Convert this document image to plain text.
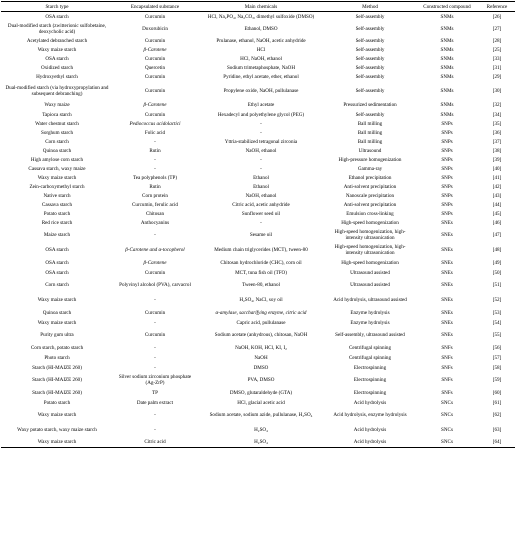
Starch type	Encapsulated substance	Main chemicals	Method	Constructed compound	Reference
OSA starch	Curcumin	HCl, Na₂PO₄, Na₂CO₃, dimethyl sulfoxide (DMSO)	Self-assembly	SNMs	[26]
Dual-modified starch (zwitterionic sulfobetaine, deoxycholic acid)	Doxorubicin	Ethanol, DMSO	Self-assembly	SNMs	[27]
Acetylated debranched starch	Curcumin	Prulanase, ethanol, NaOH, acetic anhydride	Self-assembly	SNMs	[28]
Waxy maize starch	β-Carotene	HCl	Self-assembly	SNMs	[25]
OSA starch	Curcumin	HCl, NaOH, ethanol	Self-assembly	SNMs	[33]
Oxidized starch	Quercetin	Sodium trimetaphosphate, NaOH	Self-assembly	SNMs	[31]
Hydroxyethyl starch	Curcumin	Pyridine, ethyl acetate, ether, ethanol	Self-assembly	SNMs	[29]
Dual-modified starch (via hydroxypropylation and subsequent debranching)	Curcumin	Propylene oxide, NaOH, pullulanase	Self-assembly	SNMs	[30]
Waxy maize	β-Carotene	Ethyl acetate	Pressurized sedimentation	SNMs	[32]
Tapioca starch	Curcumin	Hexadecyl and polyethylene glycol (PEG)	Self-assembly	SNMs	[34]
Water chestnut starch	Pediococcus acidolactici	-	Ball milling	SNPs	[35]
Sorghum starch	Folic acid	-	Ball milling	SNPs	[36]
Corn starch	-	Yttria-stabilized tetragonal zirconia	Ball milling	SNPs	[37]
Quinoa starch	Rutin	NaOH, ethanol	Ultrasound	SNPs	[38]
High amylose corn starch	-	-	High-pressure homogenization	SNPs	[39]
Cassava starch, waxy maize	-	-	Gamma-ray	SNPs	[40]
Waxy maize starch	Tea polyphenols (TP)	Ethanol	Ethanol precipitation	SNPs	[41]
Zein-carboxymethyl starch	Rutin	Ethanol	Anti-solvent precipitation	SNPs	[42]
Native starch	Corn protein	NaOH, ethanol	Nanoscale precipitation	SNPs	[43]
Cassava starch	Curcumin, ferulic acid	Citric acid, acetic anhydride	Anti-solvent precipitation	SNPs	[44]
Potato starch	Chitosan	Sunflower seed oil	Emulsion cross-linking	SNPs	[45]
Red rice starch	Anthocyanins	-	High-speed homogenization	SNEs	[46]
Maize starch	-	Sesame oil	High-speed homogenization, high-intensity ultrasonication	SNEs	[47]
OSA starch	β-Carotene and α-tocopherol	Medium chain triglycerides (MCT), tween-80	High-speed homogenization, high-intensity ultrasonication	SNEs	[48]
OSA starch	β-Carotene	Chitosan hydrochloride (CHC), corn oil	High-speed homogenization	SNEs	[49]
OSA starch	Curcumin	MCT, tuna fish oil (TFO)	Ultrasound assisted	SNEs	[50]
Corn starch	Polyvinyl alcohol (PVA), carvacrol	Tween-80, ethanol	Ultrasound assisted	SNEs	[51]
Waxy maize starch	-	H₂SO₄, NaCl, soy oil	Acid hydrolysis, ultrasound assisted	SNEs	[52]
Quinoa starch	Curcumin	α-amylase, saccharifying enzyme, citric acid	Enzyme hydrolysis	SNEs	[53]
Waxy maize starch	-	Capric acid, pullulanase	Enzyme hydrolysis	SNEs	[54]
Purity gum ultra	Curcumin	Sodium acetate (anhydrous), chitosan, NaOH	Self-assembly, ultrasound assisted	SNEs	[55]
Corn starch, potato starch	-	NaOH, KOH, HCl, KI, I₂	Centrifugal spinning	SNFs	[56]
Photo starch	-	NaOH	Centrifugal spinning	SNFs	[57]
Starch (HI-MAIZE 260)	-	DMSO	Electrospinning	SNFs	[58]
Starch (HI-MAIZE 260)	Silver sodium zirconium phosphate (Ag-ZrP)	PVA, DMSO	Electrospinning	SNFs	[59]
Starch (HI-MAIZE 260)	TP	DMSO, glutaraldehyde (GTA)	Electrospinning	SNFs	[60]
Potato starch	Date palm extract	HCl, glacial acetic acid	Acid hydrolysis	SNCs	[61]
Waxy maize starch	-	Sodium acetate, sodium azide, pullulanase, H₂SO₄	Acid hydrolysis, enzyme hydrolysis	SNCs	[62]
Waxy potato starch, waxy maize starch	-	H₂SO₄	Acid hydrolysis	SNCs	[63]
Waxy maize starch	Citric acid	H₂SO₄	Acid hydrolysis	SNCs	[64]
